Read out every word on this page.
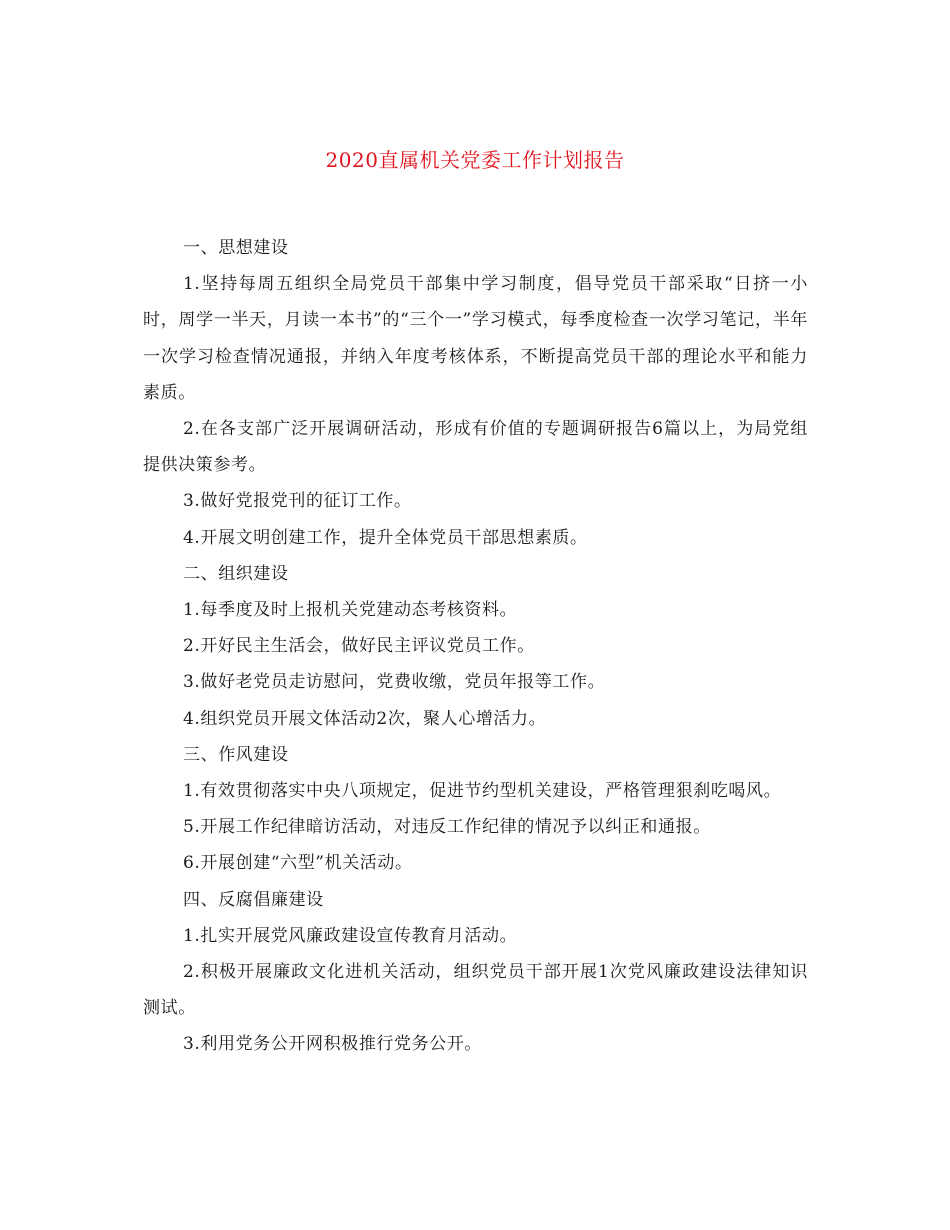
2020直属机关党委工作计划报告

一、思想建设

1.坚持每周五组织全局党员干部集中学习制度，倡导党员干部采取“日挤一小时，周学一半天，月读一本书”的“三个一”学习模式，每季度检查一次学习笔记，半年一次学习检查情况通报，并纳入年度考核体系，不断提高党员干部的理论水平和能力素质。

2.在各支部广泛开展调研活动，形成有价值的专题调研报告6篇以上，为局党组提供决策参考。

3.做好党报党刊的征订工作。

4.开展文明创建工作，提升全体党员干部思想素质。

二、组织建设

1.每季度及时上报机关党建动态考核资料。

2.开好民主生活会，做好民主评议党员工作。

3.做好老党员走访慰问，党费收缴，党员年报等工作。

4.组织党员开展文体活动2次，聚人心增活力。

三、作风建设

1.有效贯彻落实中央八项规定，促进节约型机关建设，严格管理狠刹吃喝风。

5.开展工作纪律暗访活动，对违反工作纪律的情况予以纠正和通报。

6.开展创建“六型”机关活动。

四、反腐倡廉建设

1.扎实开展党风廉政建设宣传教育月活动。

2.积极开展廉政文化进机关活动，组织党员干部开展1次党风廉政建设法律知识测试。

3.利用党务公开网积极推行党务公开。
